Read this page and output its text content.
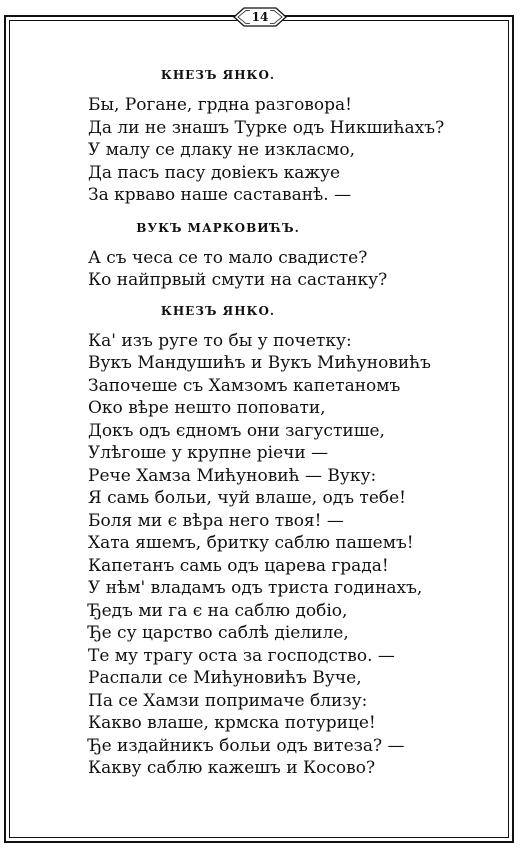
14

КНЕЗЪ ЯНКО.

Бы, Рогане, грдна разговора!

Да ли не знашъ Турке одъ Никшићахъ?

У малу се длаку не изкласмо,

Да пасъ пасу довіекъ кажуе

За крваво наше саставанѣ. —

ВУКЪ МАРКОВИЋЪ.

А съ чеса се то мало свадисте?

Ко найпрвый смути на састанку?

КНЕЗЪ ЯНКО.

Ка' изъ руге то бы у почетку:

Вукъ Мандушићъ и Вукъ Мићуновићъ

Започеше съ Хамзомъ капетаномъ

Око вѣре нешто поповати,

Докъ одъ єдномъ они загустише,

Улѣгоше у крупне ріечи —

Рече Хамза Мићуновић — Вуку:

Я самь больи, чуй влаше, одъ тебе!

Боля ми є вѣра него твоя! —

Хата яшемъ, бритку саблю пашемъ!

Капетанъ самь одъ царева града!

У нѣм' владамъ одъ триста годинахъ,

Ђедъ ми га є на саблю добіо,

Ђе су царство саблѣ діелиле,

Те му трагу оста за господство. —

Распали се Мићуновићъ Вуче,

Па се Хамзи попримаче близу:

Какво влаше, крмска потурице!

Ђе издайникъ больи одъ витеза? —

Какву саблю кажешъ и Косово?
